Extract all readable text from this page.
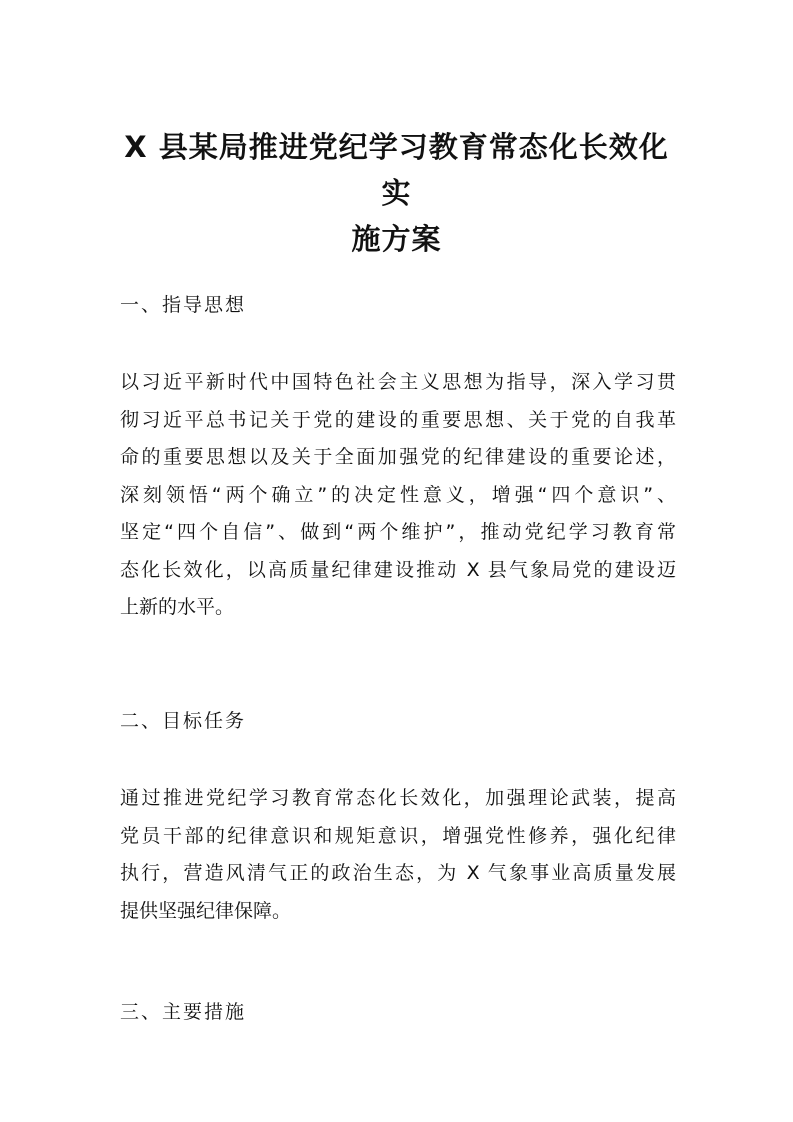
X 县某局推进党纪学习教育常态化长效化实
施方案
一、指导思想
以习近平新时代中国特色社会主义思想为指导，深入学习贯
彻习近平总书记关于党的建设的重要思想、关于党的自我革
命的重要思想以及关于全面加强党的纪律建设的重要论述，
深刻领悟“两个确立”的决定性意义，增强“四个意识”、
坚定“四个自信”、做到“两个维护”，推动党纪学习教育常
态化长效化，以高质量纪律建设推动 X 县气象局党的建设迈
上新的水平。
二、目标任务
通过推进党纪学习教育常态化长效化，加强理论武装，提高
党员干部的纪律意识和规矩意识，增强党性修养，强化纪律
执行，营造风清气正的政治生态，为 X 气象事业高质量发展
提供坚强纪律保障。
三、主要措施
